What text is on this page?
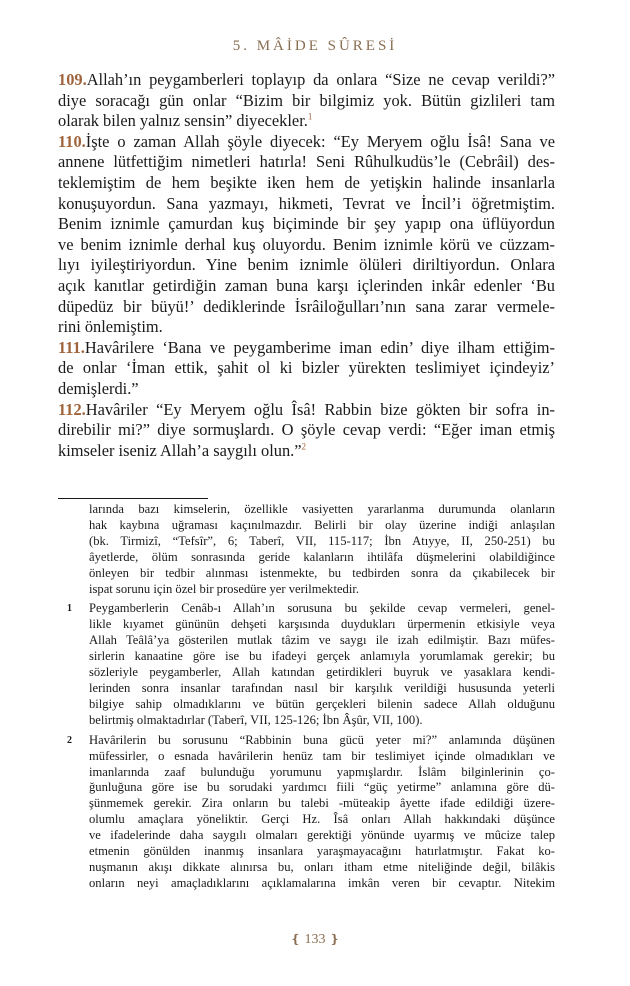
5. MÂİDE SÛRESİ
109.Allah’ın peygamberleri toplayıp da onlara “Size ne cevap verildi?”
diye soracağı gün onlar “Bizim bir bilgimiz yok. Bütün gizlileri tam
olarak bilen yalnız sensin” diyecekler.$^1$
110.İşte o zaman Allah şöyle diyecek: “Ey Meryem oğlu İsâ! Sana ve
annene lütfettiğim nimetleri hatırla! Seni Rûhulkudüs’le (Cebrâil) des-
teklemiştim de hem beşikte iken hem de yetişkin halinde insanlarla
konuşuyordun. Sana yazmayı, hikmeti, Tevrat ve İncil’i öğretmiştim.
Benim iznimle çamurdan kuş biçiminde bir şey yapıp ona üflüyordun
ve benim iznimle derhal kuş oluyordu. Benim iznimle körü ve cüzzam-
lıyı iyileştiriyordun. Yine benim iznimle ölüleri diriltiyordun. Onlara
açık kanıtlar getirdiğin zaman buna karşı içlerinden inkâr edenler ‘Bu
düpedüz bir büyü!’ dediklerinde İsrâiloğulları’nın sana zarar vermele-
rini önlemiştim.
111.Havârilere ‘Bana ve peygamberime iman edin’ diye ilham ettiğim-
de onlar ‘İman ettik, şahit ol ki bizler yürekten teslimiyet içindeyiz’
demişlerdi.”
112.Havâriler “Ey Meryem oğlu Îsâ! Rabbin bize gökten bir sofra in-
direbilir mi?” diye sormuşlardı. O şöyle cevap verdi: “Eğer iman etmiş
kimseler iseniz Allah’a saygılı olun.”$^2$
larında bazı kimselerin, özellikle vasiyetten yararlanma durumunda olanların
hak kaybına uğraması kaçınılmazdır. Belirli bir olay üzerine indiği anlaşılan
(bk. Tirmizî, “Tefsîr”, 6; Taberî, VII, 115-117; İbn Atıyye, II, 250-251) bu
âyetlerde, ölüm sonrasında geride kalanların ihtilâfa düşmelerini olabildiğince
önleyen bir tedbir alınması istenmekte, bu tedbirden sonra da çıkabilecek bir
ispat sorunu için özel bir prosedüre yer verilmektedir.
1 Peygamberlerin Cenâb-ı Allah’ın sorusuna bu şekilde cevap vermeleri, genel-
likle kıyamet gününün dehşeti karşısında duydukları ürpermenin etkisiyle veya
Allah Teâlâ’ya gösterilen mutlak tâzim ve saygı ile izah edilmiştir. Bazı müfes-
sirlerin kanaatine göre ise bu ifadeyi gerçek anlamıyla yorumlamak gerekir; bu
sözleriyle peygamberler, Allah katından getirdikleri buyruk ve yasaklara kendi-
lerinden sonra insanlar tarafından nasıl bir karşılık verildiği hususunda yeterli
bilgiye sahip olmadıklarını ve bütün gerçekleri bilenin sadece Allah olduğunu
belirtmiş olmaktadırlar (Taberî, VII, 125-126; İbn Âşûr, VII, 100).
2 Havârilerin bu sorusunu “Rabbinin buna gücü yeter mi?” anlamında düşünen
müfessirler, o esnada havârilerin henüz tam bir teslimiyet içinde olmadıkları ve
imanlarında zaaf bulunduğu yorumunu yapmışlardır. İslâm bilginlerinin ço-
ğunluğuna göre ise bu sorudaki yardımcı fiili “güç yetirme” anlamına göre dü-
şünmemek gerekir. Zira onların bu talebi -müteakip âyette ifade edildiği üzere-
olumlu amaçlara yöneliktir. Gerçi Hz. Îsâ onları Allah hakkındaki düşünce
ve ifadelerinde daha saygılı olmaları gerektiği yönünde uyarmış ve mûcize talep
etmenin gönülden inanmış insanlara yaraşmayacağını hatırlatmıştır. Fakat ko-
nuşmanın akışı dikkate alınırsa bu, onları itham etme niteliğinde değil, bilâkis
onların neyi amaçladıklarını açıklamalarına imkân veren bir cevaptır. Nitekim
❴ 133 ❵
